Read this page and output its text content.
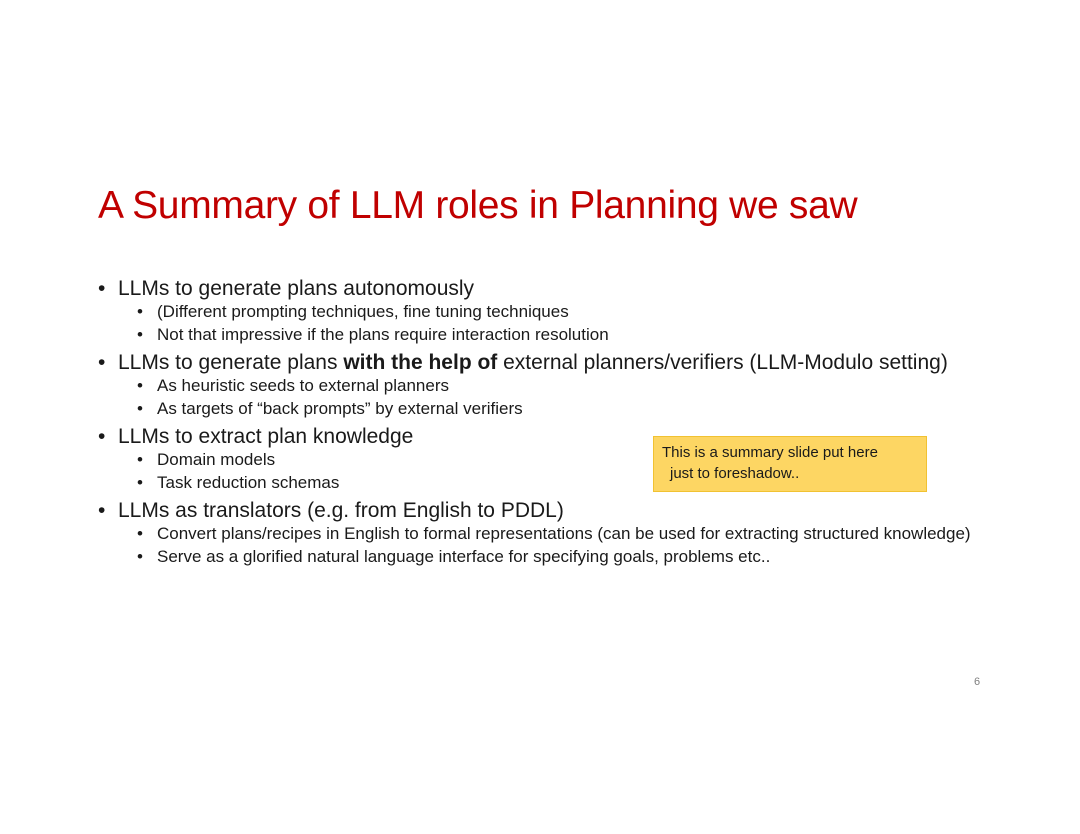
A Summary of LLM roles in Planning we saw
• LLMs to generate plans autonomously
• (Different prompting techniques, fine tuning techniques
• Not that impressive if the plans require interaction resolution
• LLMs to generate plans with the help of external planners/verifiers (LLM-Modulo setting)
• As heuristic seeds to external planners
• As targets of “back prompts” by external verifiers
• LLMs to extract plan knowledge
• Domain models
• Task reduction schemas
• LLMs as translators (e.g. from English to PDDL)
• Convert plans/recipes in English to formal representations (can be used for extracting structured knowledge)
• Serve as a glorified natural language interface for specifying goals, problems etc..
This is a summary slide put here
just to foreshadow..
6
